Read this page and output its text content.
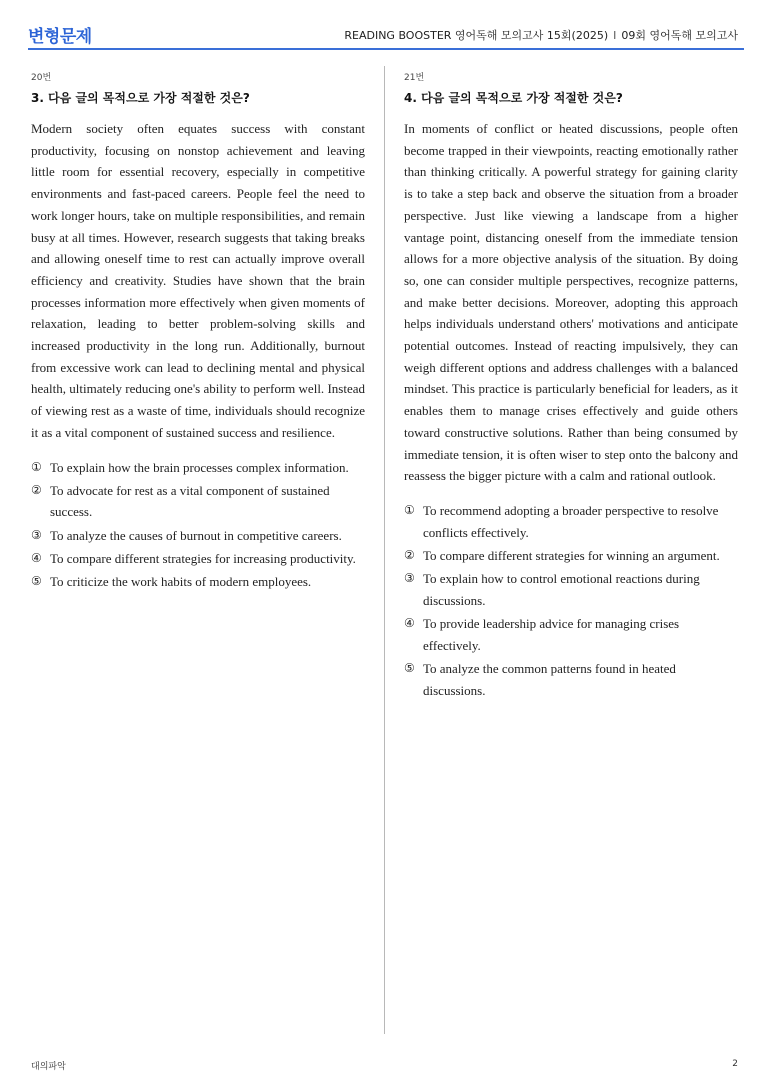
변형문제	READING BOOSTER 영어독해 모의고사 15회(2025) I 09회 영어독해 모의고사
20번
3. 다음 글의 목적으로 가장 적절한 것은?

Modern society often equates success with constant productivity, focusing on nonstop achievement and leaving little room for essential recovery, especially in competitive environments and fast-paced careers. People feel the need to work longer hours, take on multiple responsibilities, and remain busy at all times. However, research suggests that taking breaks and allowing oneself time to rest can actually improve overall efficiency and creativity. Studies have shown that the brain processes information more effectively when given moments of relaxation, leading to better problem-solving skills and increased productivity in the long run. Additionally, burnout from excessive work can lead to declining mental and physical health, ultimately reducing one's ability to perform well. Instead of viewing rest as a waste of time, individuals should recognize it as a vital component of sustained success and resilience.

① To explain how the brain processes complex information.
② To advocate for rest as a vital component of sustained success.
③ To analyze the causes of burnout in competitive careers.
④ To compare different strategies for increasing productivity.
⑤ To criticize the work habits of modern employees.
21번
4. 다음 글의 목적으로 가장 적절한 것은?

In moments of conflict or heated discussions, people often become trapped in their viewpoints, reacting emotionally rather than thinking critically. A powerful strategy for gaining clarity is to take a step back and observe the situation from a broader perspective. Just like viewing a landscape from a higher vantage point, distancing oneself from the immediate tension allows for a more objective analysis of the situation. By doing so, one can consider multiple perspectives, recognize patterns, and make better decisions. Moreover, adopting this approach helps individuals understand others' motivations and anticipate potential outcomes. Instead of reacting impulsively, they can weigh different options and address challenges with a balanced mindset. This practice is particularly beneficial for leaders, as it enables them to manage crises effectively and guide others toward constructive solutions. Rather than being consumed by immediate tension, it is often wiser to step onto the balcony and reassess the bigger picture with a calm and rational outlook.

① To recommend adopting a broader perspective to resolve conflicts effectively.
② To compare different strategies for winning an argument.
③ To explain how to control emotional reactions during discussions.
④ To provide leadership advice for managing crises effectively.
⑤ To analyze the common patterns found in heated discussions.
대의파악	2
